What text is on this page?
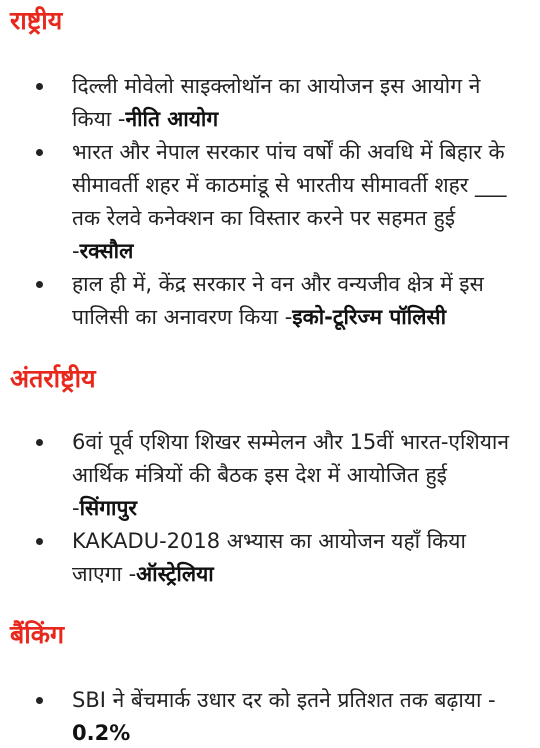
राष्ट्रीय
दिल्ली मोवेलो साइक्लोथॉन का आयोजन इस आयोग ने किया -नीति आयोग
भारत और नेपाल सरकार पांच वर्षों की अवधि में बिहार के सीमावर्ती शहर में काठमांडू से भारतीय सीमावर्ती शहर ___ तक रेलवे कनेक्शन का विस्तार करने पर सहमत हुई -रक्सौल
हाल ही में, केंद्र सरकार ने वन और वन्यजीव क्षेत्र में इस पालिसी का अनावरण किया -इको-टूरिज्म पॉलिसी
अंतर्राष्ट्रीय
6वां पूर्व एशिया शिखर सम्मेलन और 15वीं भारत-एशियान आर्थिक मंत्रियों की बैठक इस देश में आयोजित हुई -सिंगापुर
KAKADU-2018 अभ्यास का आयोजन यहाँ किया जाएगा -ऑस्ट्रेलिया
बैंकिंग
SBI ने बेंचमार्क उधार दर को इतने प्रतिशत तक बढ़ाया - 0.2%
